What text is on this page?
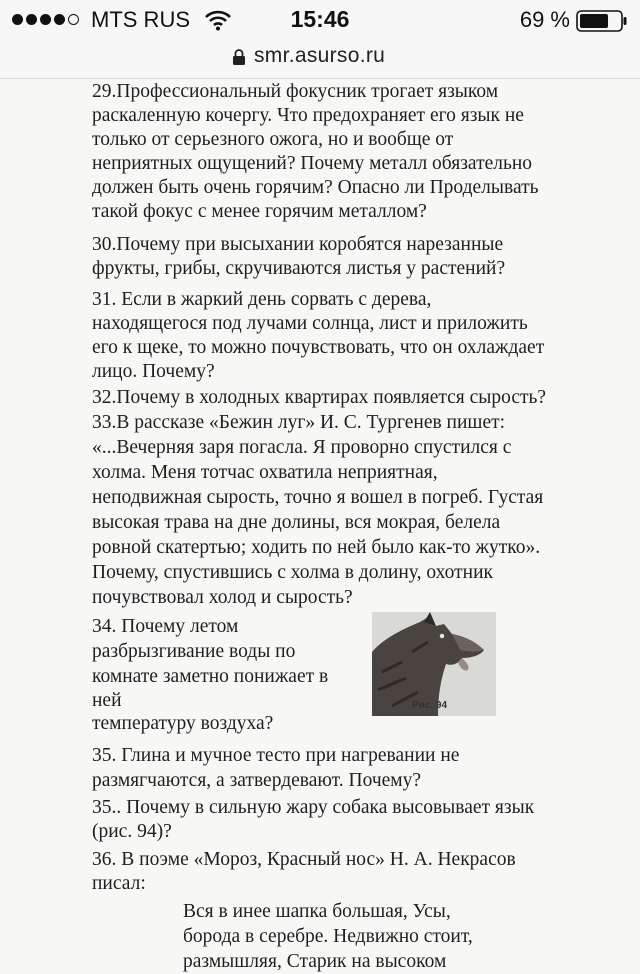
MTS RUS	15:46	69 %
smr.asurso.ru
29.Профессиональный фокусник трогает языком
раскаленную кочергу. Что предохраняет его язык не
только от серьезного ожога, но и вообще от
неприятных ощущений? Почему металл обязательно
должен быть очень горячим? Опасно ли Проделывать
такой фокус с менее горячим металлом?
30.Почему при высыхании коробятся нарезанные
фрукты, грибы, скручиваются листья у растений?
31. Если в жаркий день сорвать с дерева,
находящегося под лучами солнца, лист и приложить
его к щеке, то можно почувствовать, что он охлаждает
лицо. Почему?
32.Почему в холодных квартирах появляется сырость?
33.В рассказе «Бежин луг» И. С. Тургенев пишет:
«...Вечерняя заря погасла. Я проворно спустился с
холма. Меня тотчас охватила неприятная,
неподвижная сырость, точно я вошел в погреб. Густая
высокая трава на дне долины, вся мокрая, белела
ровной скатертью; ходить по ней было как-то жутко».
Почему, спустившись с холма в долину, охотник
почувствовал холод и сырость?
34. Почему летом
разбрызгивание воды по
комнате заметно понижает в
ней
температуру воздуха?
35. Глина и мучное тесто при нагревании не
размягчаются, а затвердевают. Почему?
35.. Почему в сильную жару собака высовывает язык
(рис. 94)?
36. В поэме «Мороз, Красный нос» Н. А. Некрасов
писал:
Вся в инее шапка большая, Усы,
борода в серебре. Недвижно стоит,
размышляя, Старик на высоком
Рис. 94
